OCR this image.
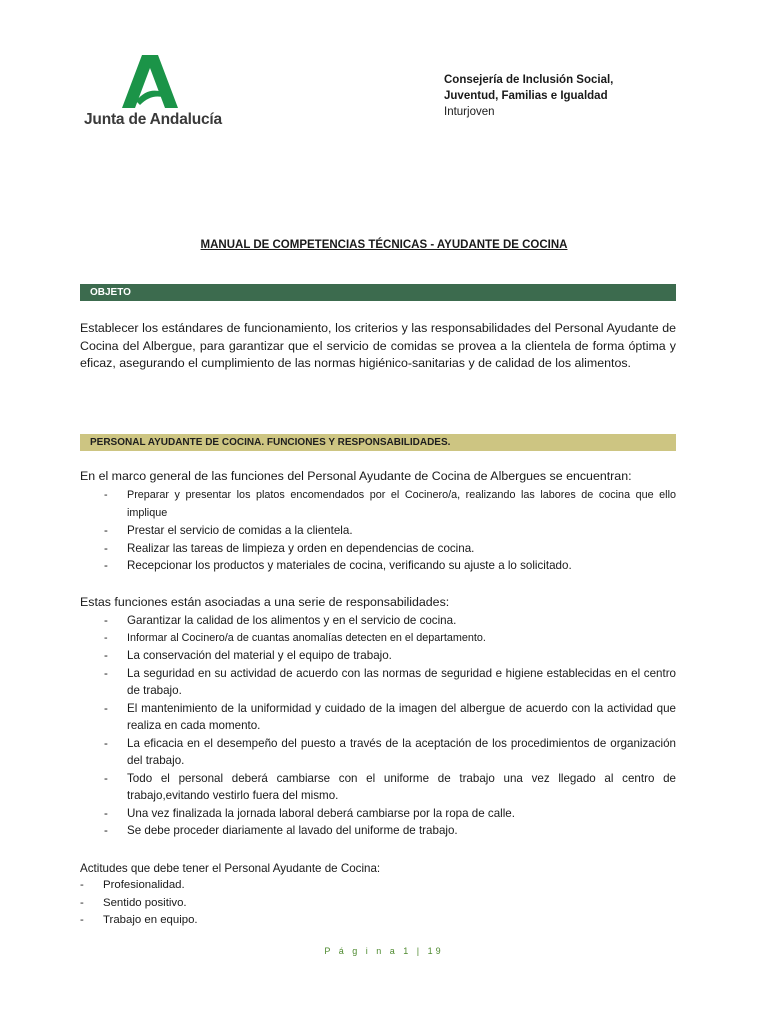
Junta de Andalucía
Consejería de Inclusión Social,
Juventud, Familias e Igualdad
Inturjoven
MANUAL DE COMPETENCIAS TÉCNICAS - AYUDANTE DE COCINA
OBJETO
Establecer los estándares de funcionamiento, los criterios y las responsabilidades del Personal Ayudante de Cocina del Albergue, para garantizar que el servicio de comidas se provea a la clientela de forma óptima y eficaz, asegurando el cumplimiento de las normas higiénico-sanitarias y de calidad de los alimentos.
PERSONAL AYUDANTE DE COCINA. FUNCIONES Y RESPONSABILIDADES.
En el marco general de las funciones del Personal Ayudante de Cocina de Albergues se encuentran:
- Preparar y presentar los platos encomendados por el Cocinero/a, realizando las labores de cocina que ello implique
- Prestar el servicio de comidas a la clientela.
- Realizar las tareas de limpieza y orden en dependencias de cocina.
- Recepcionar los productos y materiales de cocina, verificando su ajuste a lo solicitado.
Estas funciones están asociadas a una serie de responsabilidades:
- Garantizar la calidad de los alimentos y en el servicio de cocina.
- Informar al Cocinero/a de cuantas anomalías detecten en el departamento.
- La conservación del material y el equipo de trabajo.
- La seguridad en su actividad de acuerdo con las normas de seguridad e higiene establecidas en el centro de trabajo.
- El mantenimiento de la uniformidad y cuidado de la imagen del albergue de acuerdo con la actividad que realiza en cada momento.
- La eficacia en el desempeño del puesto a través de la aceptación de los procedimientos de organización del trabajo.
- Todo el personal deberá cambiarse con el uniforme de trabajo una vez llegado al centro de trabajo,evitando vestirlo fuera del mismo.
- Una vez finalizada la jornada laboral deberá cambiarse por la ropa de calle.
- Se debe proceder diariamente al lavado del uniforme de trabajo.
Actitudes que debe tener el Personal Ayudante de Cocina:
- Profesionalidad.
- Sentido positivo.
- Trabajo en equipo.
P á g i n a 1 | 19
